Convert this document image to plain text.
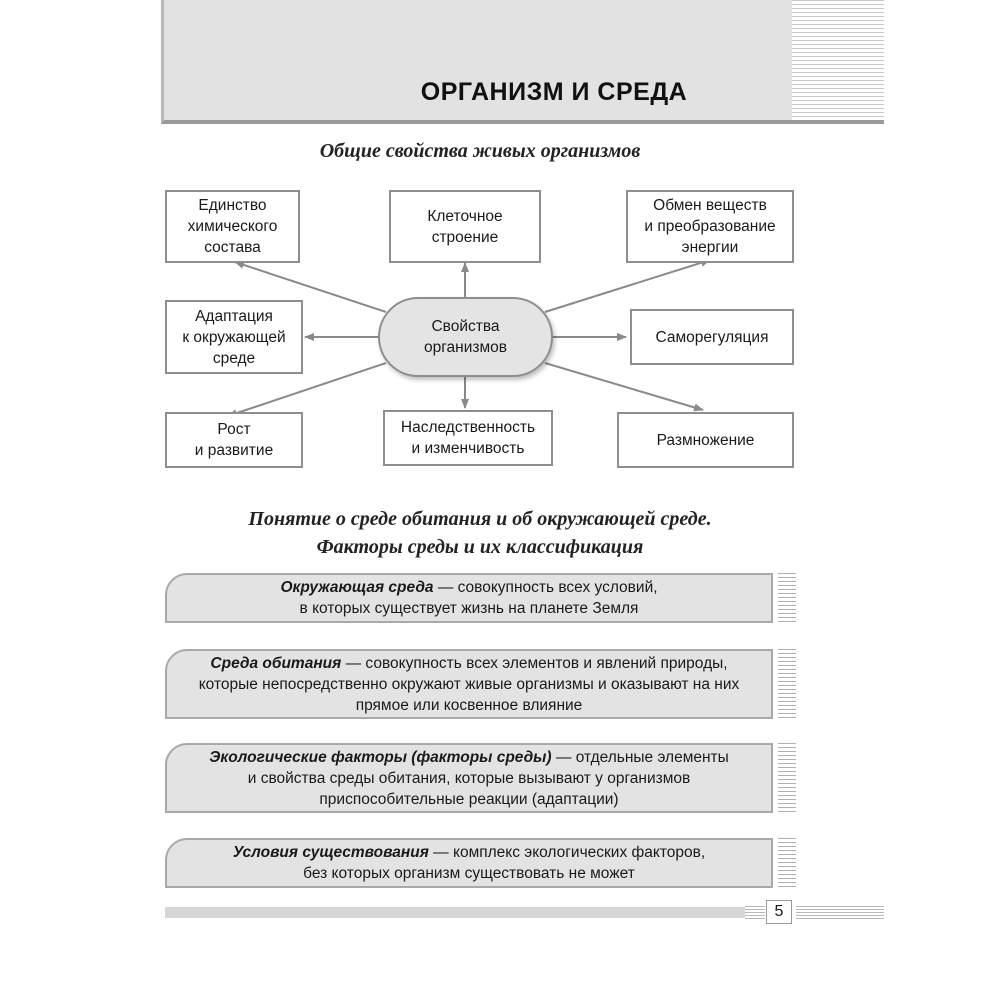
ОРГАНИЗМ И СРЕДА
Общие свойства живых организмов
Единство
химического
состава
Клеточное
строение
Обмен веществ
и преобразование
энергии
Адаптация
к окружающей
среде
Саморегуляция
Рост
и развитие
Наследственность
и изменчивость	Размножение
Свойства
организмов
Понятие о среде обитания и об окружающей среде.
Факторы среды и их классификация
Окружающая среда — совокупность всех условий,
в которых существует жизнь на планете Земля
Среда обитания — совокупность всех элементов и явлений природы,
которые непосредственно окружают живые организмы и оказывают на них прямое или косвенное влияние
Экологические факторы (факторы среды) — отдельные элементы
и свойства среды обитания, которые вызывают у организмов приспособительные реакции (адаптации)
Условия существования — комплекс экологических факторов,
без которых организм существовать не может
5
